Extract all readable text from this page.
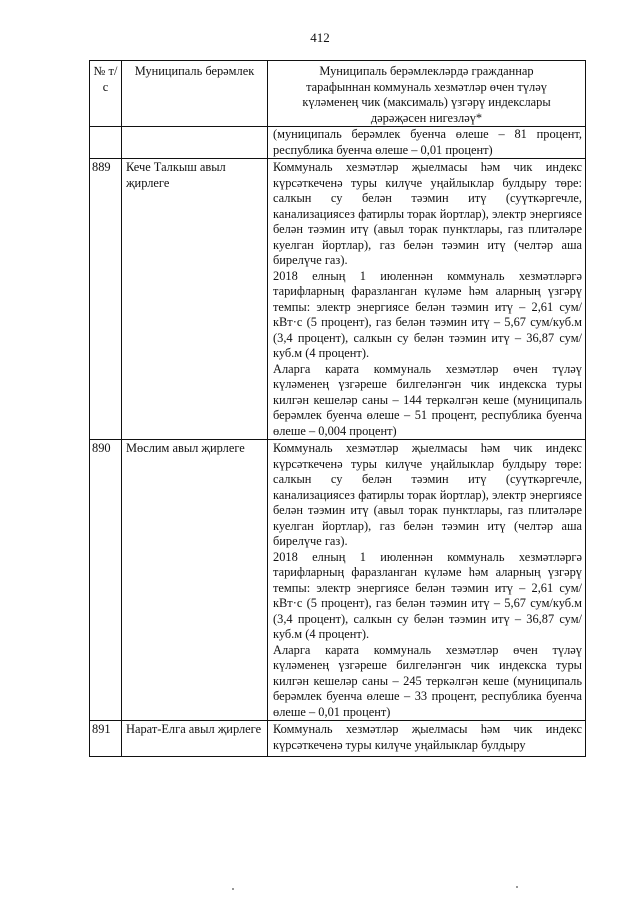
412
№ т/с	Муниципаль берәмлек	Муниципаль берәмлекләрдә гражданнар
тарафыннан коммуналь хезмәтләр өчен түләү
күләменең чик (максималь) үзгәрү индекслары
дәрәҗәсен нигезләү*

		(муниципаль берәмлек буенча өлеше – 81 процент, республика буенча өлеше – 0,01 процент)
889	Кече Талкыш авыл җирлеге	Коммуналь хезмәтләр җыелмасы һәм чик индекс күрсәткеченә туры килүче уңайлыклар булдыру төре: салкын су белән тәэмин итү (суүткәргечле, канализациясез фатирлы торак йортлар), электр энергиясе белән тәэмин итү (авыл торак пунктлары, газ плитәләре куелган йортлар), газ белән тәэмин итү (челтәр аша бирелүче газ).
2018 елның 1 июленнән коммуналь хезмәтләргә тарифларның фаразланган күләме һәм аларның үзгәрү темпы: электр энергиясе белән тәэмин итү – 2,61 сум/кВт·с (5 процент), газ белән тәэмин итү – 5,67 сум/куб.м (3,4 процент), салкын су белән тәэмин итү – 36,87 сум/куб.м (4 процент).
Аларга карата коммуналь хезмәтләр өчен түләү күләменең үзгәреше билгеләнгән чик индекска туры килгән кешеләр саны – 144 теркәлгән кеше (муниципаль берәмлек буенча өлеше – 51 процент, республика буенча өлеше – 0,004 процент)

890	Мөслим авыл җирлеге	Коммуналь хезмәтләр җыелмасы һәм чик индекс күрсәткеченә туры килүче уңайлыклар булдыру төре: салкын су белән тәэмин итү (суүткәргечле, канализациясез фатирлы торак йортлар), электр энергиясе белән тәэмин итү (авыл торак пунктлары, газ плитәләре куелган йортлар), газ белән тәэмин итү (челтәр аша бирелүче газ).
2018 елның 1 июленнән коммуналь хезмәтләргә тарифларның фаразланган күләме һәм аларның үзгәрү темпы: электр энергиясе белән тәэмин итү – 2,61 сум/кВт·с (5 процент), газ белән тәэмин итү – 5,67 сум/куб.м (3,4 процент), салкын су белән тәэмин итү – 36,87 сум/куб.м (4 процент).
Аларга карата коммуналь хезмәтләр өчен түләү күләменең үзгәреше билгеләнгән чик индекска туры килгән кешеләр саны – 245 теркәлгән кеше (муниципаль берәмлек буенча өлеше – 33 процент, республика буенча өлеше – 0,01 процент)

891	Нарат-Елга авыл җирлеге	Коммуналь хезмәтләр җыелмасы һәм чик индекс күрсәткеченә туры килүче уңайлыклар булдыру
